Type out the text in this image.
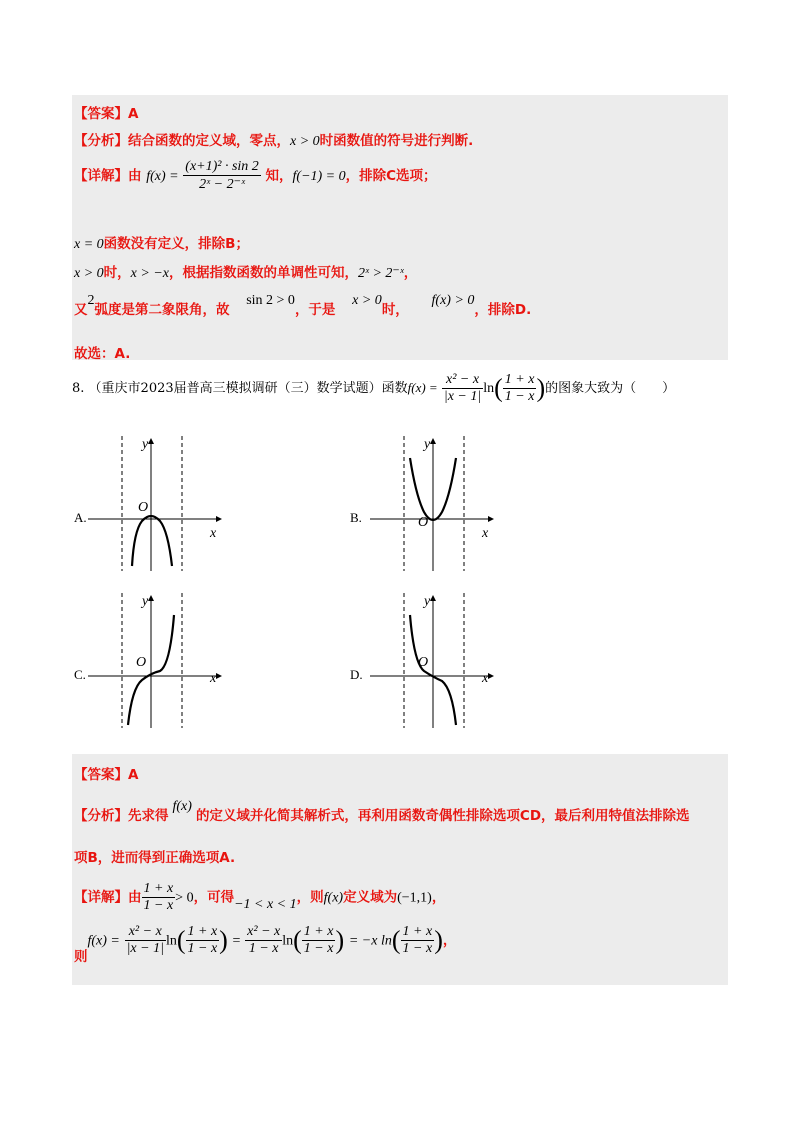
【答案】A
【分析】结合函数的定义域，零点，x > 0时函数值的符号进行判断.
【详解】由 $f(x) = \frac{\text{(x+1)² · sin 2}}{\text{2ˣ − 2⁻ˣ}}$ 知，f(−1) = 0，排除C选项；
x = 0函数没有定义，排除B；
x > 0时，x > −x，根据指数函数的单调性可知，2ˣ > 2⁻ˣ，
又2弧度是第二象限角，故 sin 2 > 0，于是 x > 0时， f(x) > 0，排除D.
故选：A.
8. （重庆市2023届普高三模拟调研（三）数学试题）函数$f(x) = \frac{\text{x² − x}}{|x - 1|} \ln( \frac{1 + x}{1 - x}$ )的图象大致为（　　）
A.	B.
C.	D.
y
x
O
y
x
O
y
x
O
y
x
O
【答案】A
【分析】先求得f(x)的定义域并化简其解析式，再利用函数奇偶性排除选项CD，最后利用特值法排除选
项B，进而得到正确选项A.
【详解】由 $\frac{1 + x}{1 - x} > 0$，可得−1 < x < 1，则f(x)定义域为(−1,1)，
则$f(x) = \frac{\text{x² − x}}{|x - 1|} \ln( \frac{1 + x}{1 - x}$ ) = $\frac{\text{x² − x}}{1 - x} \ln( \frac{1 + x}{1 - x}$ ) = −x $\ln( \frac{1 + x}{1 - x}$ )，
